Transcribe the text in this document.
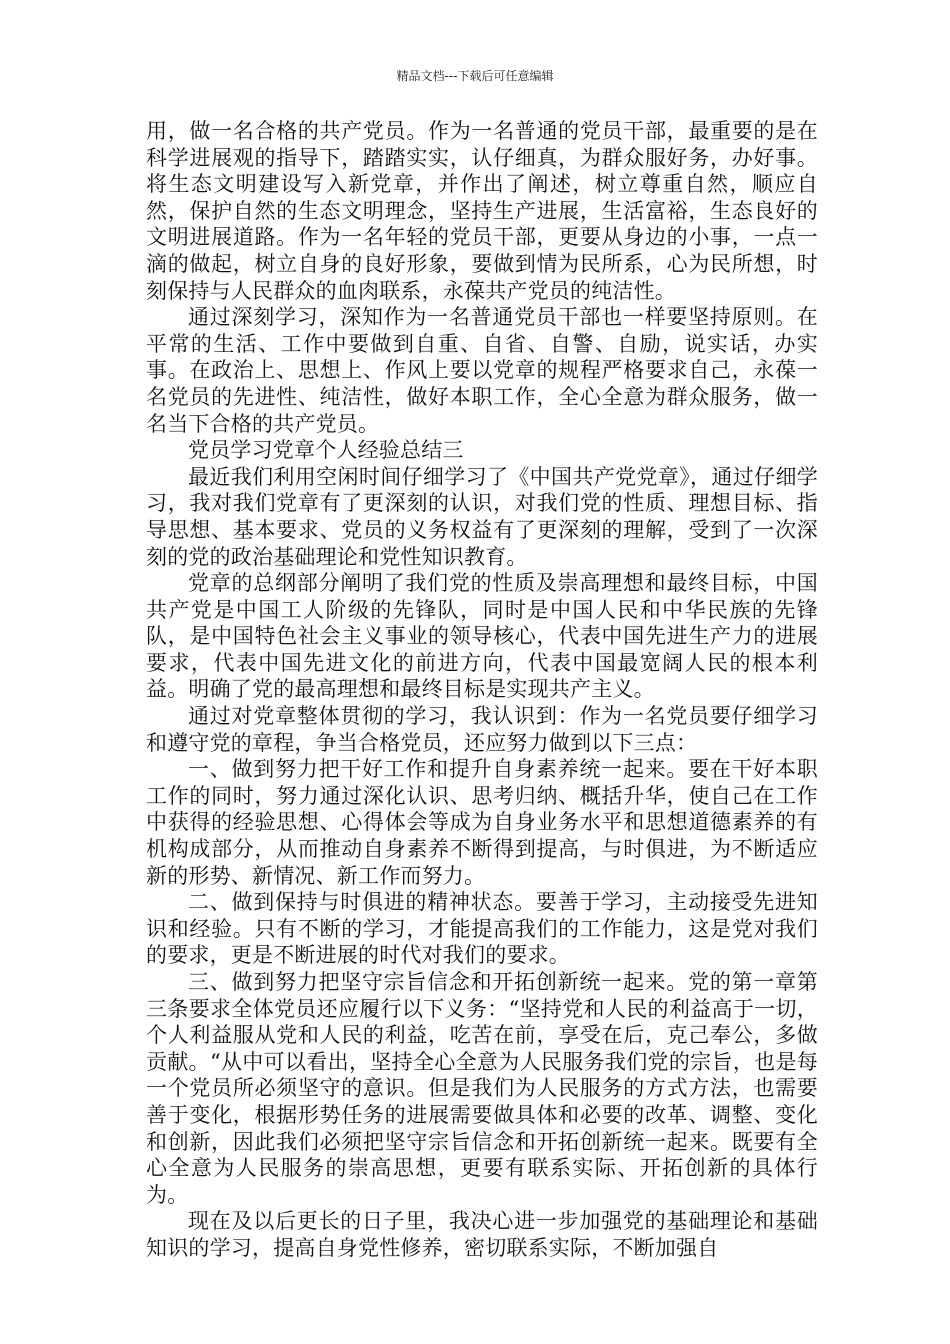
精品文档---下载后可任意编辑

用，做一名合格的共产党员。作为一名普通的党员干部，最重要的是在科学进展观的指导下，踏踏实实，认仔细真，为群众服好务，办好事。将生态文明建设写入新党章，并作出了阐述，树立尊重自然，顺应自然，保护自然的生态文明理念，坚持生产进展，生活富裕，生态良好的文明进展道路。作为一名年轻的党员干部，更要从身边的小事，一点一滴的做起，树立自身的良好形象，要做到情为民所系，心为民所想，时刻保持与人民群众的血肉联系，永葆共产党员的纯洁性。

通过深刻学习，深知作为一名普通党员干部也一样要坚持原则。在平常的生活、工作中要做到自重、自省、自警、自励，说实话，办实事。在政治上、思想上、作风上要以党章的规程严格要求自己，永葆一名党员的先进性、纯洁性，做好本职工作，全心全意为群众服务，做一名当下合格的共产党员。

党员学习党章个人经验总结三

最近我们利用空闲时间仔细学习了《中国共产党党章》，通过仔细学习，我对我们党章有了更深刻的认识，对我们党的性质、理想目标、指导思想、基本要求、党员的义务权益有了更深刻的理解，受到了一次深刻的党的政治基础理论和党性知识教育。

党章的总纲部分阐明了我们党的性质及崇高理想和最终目标，中国共产党是中国工人阶级的先锋队，同时是中国人民和中华民族的先锋队，是中国特色社会主义事业的领导核心，代表中国先进生产力的进展要求，代表中国先进文化的前进方向，代表中国最宽阔人民的根本利益。明确了党的最高理想和最终目标是实现共产主义。

通过对党章整体贯彻的学习，我认识到：作为一名党员要仔细学习和遵守党的章程，争当合格党员，还应努力做到以下三点：

一、做到努力把干好工作和提升自身素养统一起来。要在干好本职工作的同时，努力通过深化认识、思考归纳、概括升华，使自己在工作中获得的经验思想、心得体会等成为自身业务水平和思想道德素养的有机构成部分，从而推动自身素养不断得到提高，与时俱进，为不断适应新的形势、新情况、新工作而努力。

二、做到保持与时俱进的精神状态。要善于学习，主动接受先进知识和经验。只有不断的学习，才能提高我们的工作能力，这是党对我们的要求，更是不断进展的时代对我们的要求。

三、做到努力把坚守宗旨信念和开拓创新统一起来。党的第一章第三条要求全体党员还应履行以下义务：“坚持党和人民的利益高于一切，个人利益服从党和人民的利益，吃苦在前，享受在后，克己奉公，多做贡献。“从中可以看出，坚持全心全意为人民服务我们党的宗旨，也是每一个党员所必须坚守的意识。但是我们为人民服务的方式方法，也需要善于变化，根据形势任务的进展需要做具体和必要的改革、调整、变化和创新，因此我们必须把坚守宗旨信念和开拓创新统一起来。既要有全心全意为人民服务的崇高思想，更要有联系实际、开拓创新的具体行为。

现在及以后更长的日子里，我决心进一步加强党的基础理论和基础知识的学习，提高自身党性修养，密切联系实际，不断加强自
